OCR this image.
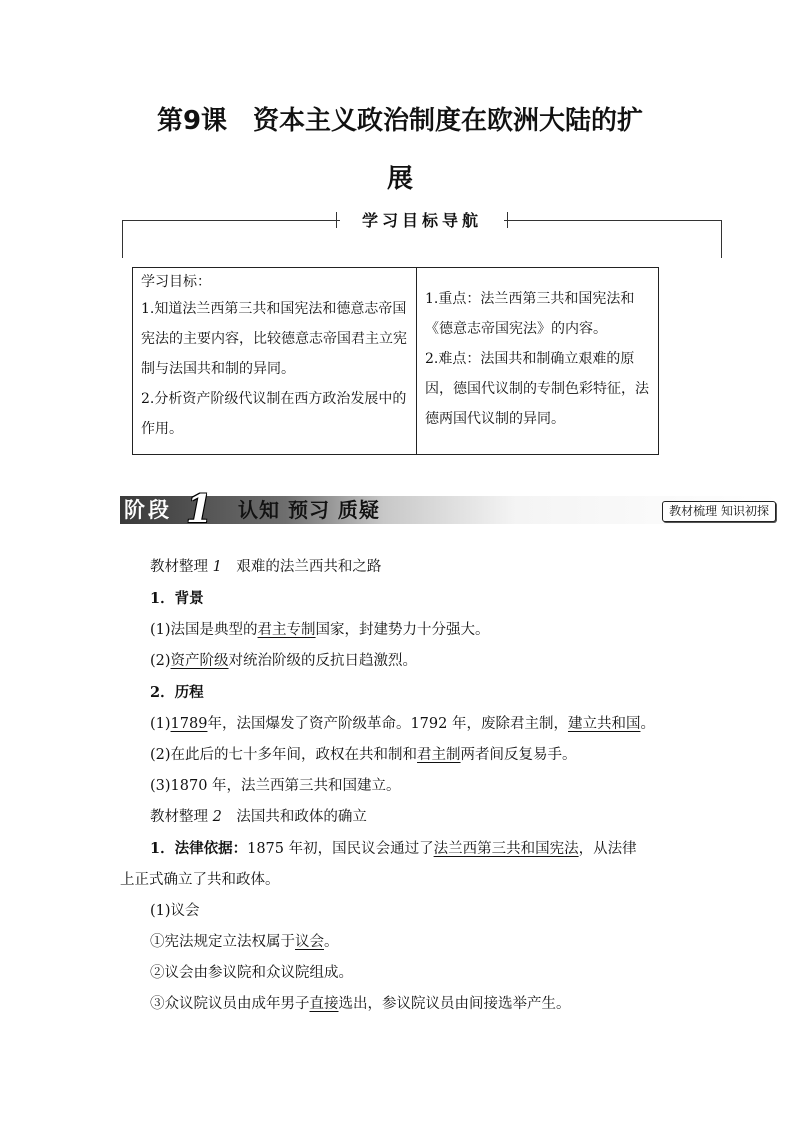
第9课　资本主义政治制度在欧洲大陆的扩
展
学习目标导航

学习目标：

1.知道法兰西第三共和国宪法和德意志帝国宪法的主要内容，比较德意志帝国君主立宪制与法国共和制的异同。

2.分析资产阶级代议制在西方政治发展中的作用。

1.重点：法兰西第三共和国宪法和《德意志帝国宪法》的内容。

2.难点：法国共和制确立艰难的原因，德国代议制的专制色彩特征，法德两国代议制的异同。

阶段 1 认知 预习 质疑	教材梳理 知识初探

教材整理 1　 艰难的法兰西共和之路

1．背景

(1)法国是典型的君主专制国家，封建势力十分强大。

(2)资产阶级对统治阶级的反抗日趋激烈。

2．历程

(1)1789年，法国爆发了资产阶级革命。1792 年，废除君主制，建立共和国。

(2)在此后的七十多年间，政权在共和制和君主制两者间反复易手。

(3)1870 年，法兰西第三共和国建立。

教材整理 2　 法国共和政体的确立

1．法律依据：1875 年初，国民议会通过了法兰西第三共和国宪法，从法律

上正式确立了共和政体。

(1)议会

①宪法规定立法权属于议会。

②议会由参议院和众议院组成。

③众议院议员由成年男子直接选出，参议院议员由间接选举产生。
